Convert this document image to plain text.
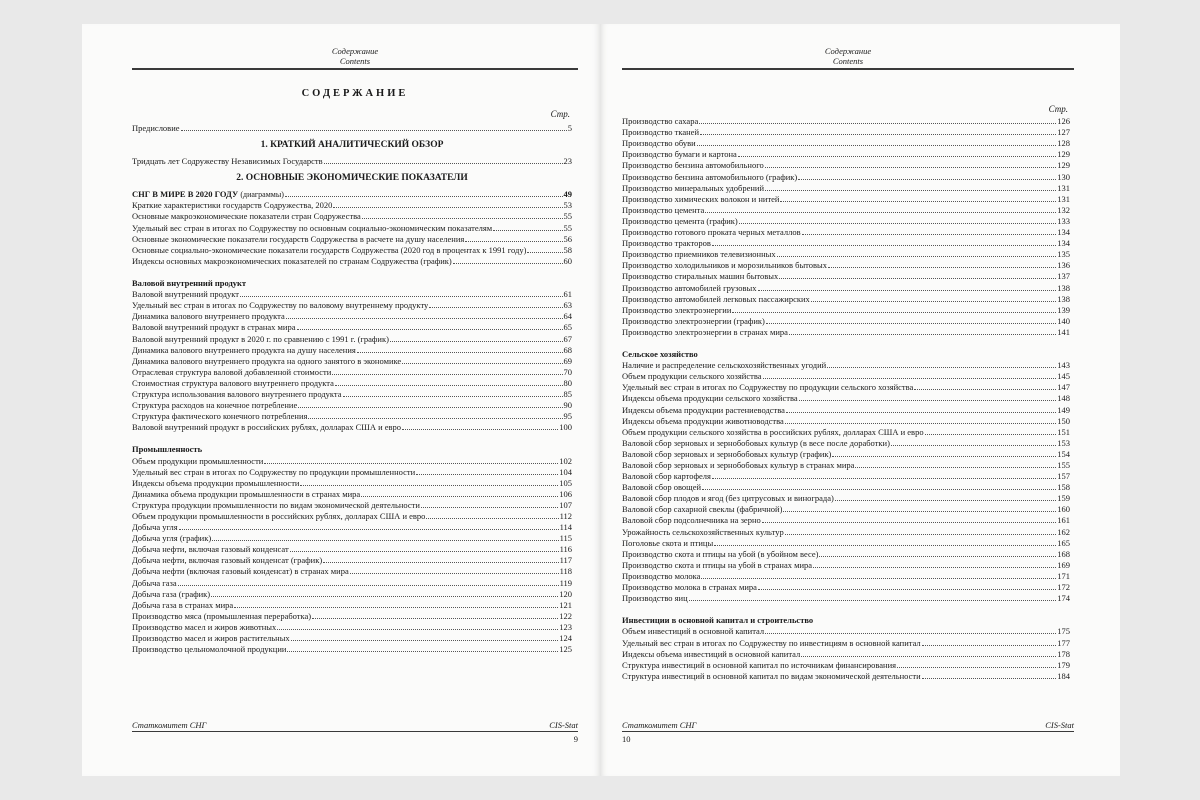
Содержание
Contents
СОДЕРЖАНИЕ
Стр.
Предисловие	5
1. КРАТКИЙ АНАЛИТИЧЕСКИЙ ОБЗОР
Тридцать лет Содружеству Независимых Государств	23
2. ОСНОВНЫЕ ЭКОНОМИЧЕСКИЕ ПОКАЗАТЕЛИ
СНГ В МИРЕ В 2020 ГОДУ (диаграммы)	49
Краткие характеристики государств Содружества, 2020	53
Основные макроэкономические показатели стран Содружества	55
Удельный вес стран в итогах по Содружеству по основным социально-экономическим показателям	55
Основные экономические показатели государств Содружества в расчете на душу населения	56
Основные социально-экономические показатели государств Содружества (2020 год в процентах к 1991 году)	58
Индексы основных макроэкономических показателей по странам Содружества (график)	60
Валовой внутренний продукт
Валовой внутренний продукт	61
Удельный вес стран в итогах по Содружеству по валовому внутреннему продукту	63
Динамика валового внутреннего продукта	64
Валовой внутренний продукт в странах мира	65
Валовой внутренний продукт в 2020 г. по сравнению с 1991 г. (график)	67
Динамика валового внутреннего продукта на душу населения	68
Динамика валового внутреннего продукта на одного занятого в экономике	69
Отраслевая структура валовой добавленной стоимости	70
Стоимостная структура валового внутреннего продукта	80
Структура использования валового внутреннего продукта	85
Структура расходов на конечное потребление	90
Структура фактического конечного потребления	95
Валовой внутренний продукт в российских рублях, долларах США и евро	100
Промышленность
Объем продукции промышленности	102
Удельный вес стран в итогах по Содружеству по продукции промышленности	104
Индексы объема продукции промышленности	105
Динамика объема продукции промышленности в странах мира	106
Структура продукции промышленности по видам экономической деятельности	107
Объем продукции промышленности в российских рублях, долларах США и евро	112
Добыча угля	114
Добыча угля (график)	115
Добыча нефти, включая газовый конденсат	116
Добыча нефти, включая газовый конденсат (график)	117
Добыча нефти (включая газовый конденсат) в странах мира	118
Добыча газа	119
Добыча газа (график)	120
Добыча газа в странах мира	121
Производство мяса (промышленная переработка)	122
Производство масел и жиров животных	123
Производство масел и жиров растительных	124
Производство цельномолочной продукции	125
Статкомитет СНГ	CIS-Stat
9
Содержание
Contents
Стр.
Производство сахара	126
Производство тканей	127
Производство обуви	128
Производство бумаги и картона	129
Производство бензина автомобильного	129
Производство бензина автомобильного (график)	130
Производство минеральных удобрений	131
Производство химических волокон и нитей	131
Производство цемента	132
Производство цемента (график)	133
Производство готового проката черных металлов	134
Производство тракторов	134
Производство приемников телевизионных	135
Производство холодильников и морозильников бытовых	136
Производство стиральных машин бытовых	137
Производство автомобилей грузовых	138
Производство автомобилей легковых пассажирских	138
Производство электроэнергии	139
Производство электроэнергии (график)	140
Производство электроэнергии в странах мира	141
Сельское хозяйство
Наличие и распределение сельскохозяйственных угодий	143
Объем продукции сельского хозяйства	145
Удельный вес стран в итогах по Содружеству по продукции сельского хозяйства	147
Индексы объема продукции сельского хозяйства	148
Индексы объема продукции растениеводства	149
Индексы объема продукции животноводства	150
Объем продукции сельского хозяйства в российских рублях, долларах США и евро	151
Валовой сбор зерновых и зернобобовых культур (в весе после доработки)	153
Валовой сбор зерновых и зернобобовых культур (график)	154
Валовой сбор зерновых и зернобобовых культур в странах мира	155
Валовой сбор картофеля	157
Валовой сбор овощей	158
Валовой сбор плодов и ягод (без цитрусовых и винограда)	159
Валовой сбор сахарной свеклы (фабричной)	160
Валовой сбор подсолнечника на зерно	161
Урожайность сельскохозяйственных культур	162
Поголовье скота и птицы	165
Производство скота и птицы на убой (в убойном весе)	168
Производство скота и птицы на убой в странах мира	169
Производство молока	171
Производство молока в странах мира	172
Производство яиц	174
Инвестиции в основной капитал и строительство
Объем инвестиций в основной капитал	175
Удельный вес стран в итогах по Содружеству по инвестициям в основной капитал	177
Индексы объема инвестиций в основной капитал	178
Структура инвестиций в основной капитал по источникам финансирования	179
Структура инвестиций в основной капитал по видам экономической деятельности	184
Статкомитет СНГ	CIS-Stat
10
